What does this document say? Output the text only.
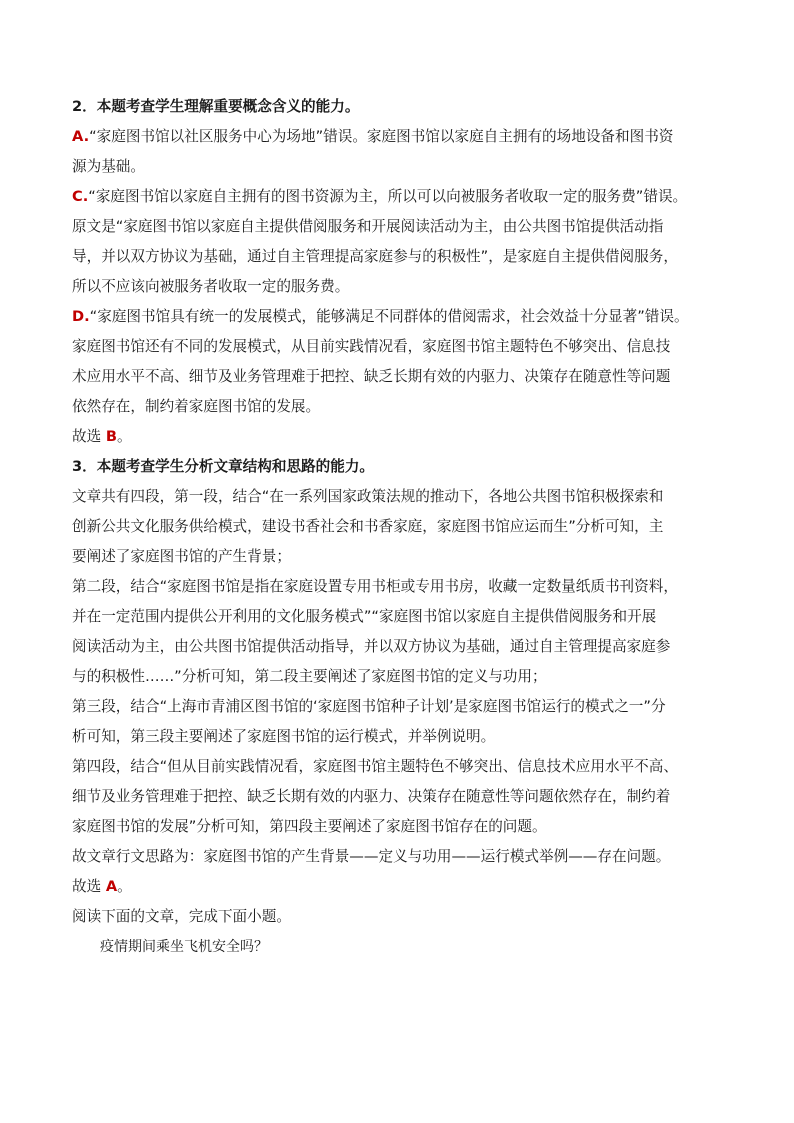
2．本题考查学生理解重要概念含义的能力。
A.“家庭图书馆以社区服务中心为场地”错误。家庭图书馆以家庭自主拥有的场地设备和图书资
源为基础。
C.“家庭图书馆以家庭自主拥有的图书资源为主，所以可以向被服务者收取一定的服务费”错误。
原文是“家庭图书馆以家庭自主提供借阅服务和开展阅读活动为主，由公共图书馆提供活动指
导，并以双方协议为基础，通过自主管理提高家庭参与的积极性”，是家庭自主提供借阅服务，
所以不应该向被服务者收取一定的服务费。
D.“家庭图书馆具有统一的发展模式，能够满足不同群体的借阅需求，社会效益十分显著”错误。
家庭图书馆还有不同的发展模式，从目前实践情况看，家庭图书馆主题特色不够突出、信息技
术应用水平不高、细节及业务管理难于把控、缺乏长期有效的内驱力、决策存在随意性等问题
依然存在，制约着家庭图书馆的发展。
故选 B。
3．本题考查学生分析文章结构和思路的能力。
文章共有四段，第一段，结合“在一系列国家政策法规的推动下，各地公共图书馆积极探索和
创新公共文化服务供给模式，建设书香社会和书香家庭，家庭图书馆应运而生”分析可知，主
要阐述了家庭图书馆的产生背景；
第二段，结合“家庭图书馆是指在家庭设置专用书柜或专用书房，收藏一定数量纸质书刊资料，
并在一定范围内提供公开利用的文化服务模式”“家庭图书馆以家庭自主提供借阅服务和开展
阅读活动为主，由公共图书馆提供活动指导，并以双方协议为基础，通过自主管理提高家庭参
与的积极性……”分析可知，第二段主要阐述了家庭图书馆的定义与功用；
第三段，结合“上海市青浦区图书馆的‘家庭图书馆种子计划’是家庭图书馆运行的模式之一”分
析可知，第三段主要阐述了家庭图书馆的运行模式，并举例说明。
第四段，结合“但从目前实践情况看，家庭图书馆主题特色不够突出、信息技术应用水平不高、
细节及业务管理难于把控、缺乏长期有效的内驱力、决策存在随意性等问题依然存在，制约着
家庭图书馆的发展”分析可知，第四段主要阐述了家庭图书馆存在的问题。
故文章行文思路为：家庭图书馆的产生背景——定义与功用——运行模式举例——存在问题。
故选 A。
阅读下面的文章，完成下面小题。
疫情期间乘坐飞机安全吗？
